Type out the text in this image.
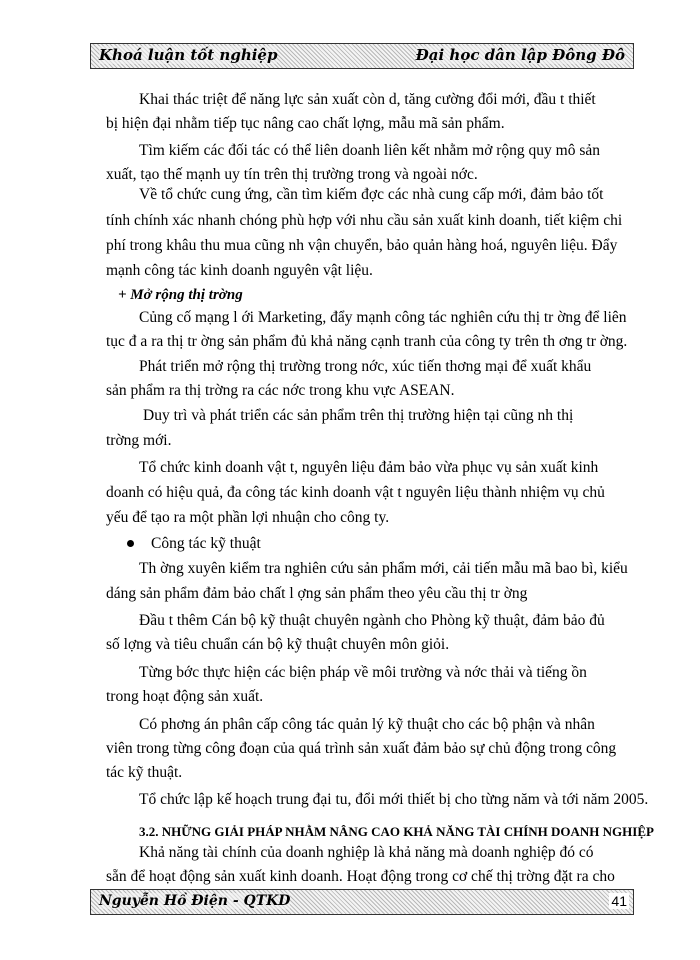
Khoá luận tốt nghiệp	Đại học dân lập Đông Đô

Khai thác triệt để năng lực sản xuất còn d, tăng cường đổi mới, đầu t thiết

bị hiện đại nhằm tiếp tục nâng cao chất lợng, mẫu mã sản phẩm.

Tìm kiếm các đối tác có thể liên doanh liên kết nhằm mở rộng quy mô sản

xuất, tạo thế mạnh uy tín trên thị trường trong và ngoài nớc.

Về tổ chức cung ứng, cần tìm kiếm đợc các nhà cung cấp mới, đảm bảo tốt

tính chính xác nhanh chóng phù hợp với nhu cầu sản xuất kinh doanh, tiết kiệm chi

phí trong khâu thu mua cũng nh vận chuyển, bảo quản hàng hoá, nguyên liệu. Đẩy

mạnh công tác kinh doanh nguyên vật liệu.

+ Mở rộng thị trờng

Củng cố mạng l ới Marketing, đẩy mạnh công tác nghiên cứu thị tr ờng để liên

tục đ a ra thị tr ờng sản phẩm đủ khả năng cạnh tranh của công ty trên th ơng tr ờng.

Phát triển mở rộng thị trường trong nớc, xúc tiến thơng mại để xuất khẩu

sản phẩm ra thị trờng ra các nớc trong khu vực ASEAN.

Duy trì và phát triển các sản phẩm trên thị trường hiện tại cũng nh thị

trờng mới.

Tổ chức kinh doanh vật t, nguyên liệu đảm bảo vừa phục vụ sản xuất kinh

doanh có hiệu quả, đa công tác kinh doanh vật t nguyên liệu thành nhiệm vụ chủ

yếu để tạo ra một phần lợi nhuận cho công ty.

Công tác kỹ thuật

Th ờng xuyên kiểm tra nghiên cứu sản phẩm mới, cải tiến mẫu mã bao bì, kiểu

dáng sản phẩm đảm bảo chất l ợng sản phẩm theo yêu cầu thị tr ờng

Đầu t thêm Cán bộ kỹ thuật chuyên ngành cho Phòng kỹ thuật, đảm bảo đủ

số lợng và tiêu chuẩn cán bộ kỹ thuật chuyên môn giỏi.

Từng bớc thực hiện các biện pháp về môi trường và nớc thải và tiếng ồn

trong hoạt động sản xuất.

Có phơng án phân cấp công tác quản lý kỹ thuật cho các bộ phận và nhân

viên trong từng công đoạn của quá trình sản xuất đảm bảo sự chủ động trong công

tác kỹ thuật.

Tổ chức lập kế hoạch trung đại tu, đổi mới thiết bị cho từng năm và tới năm 2005.

3.2. NHỮNG GIẢI PHÁP NHẰM NÂNG CAO KHẢ NĂNG TÀI CHÍNH DOANH NGHIỆP

Khả năng tài chính của doanh nghiệp là khả năng mà doanh nghiệp đó có

sẵn để hoạt động sản xuất kinh doanh. Hoạt động trong cơ chế thị trờng đặt ra cho

Nguyễn Hồ Điện - QTKD	41
